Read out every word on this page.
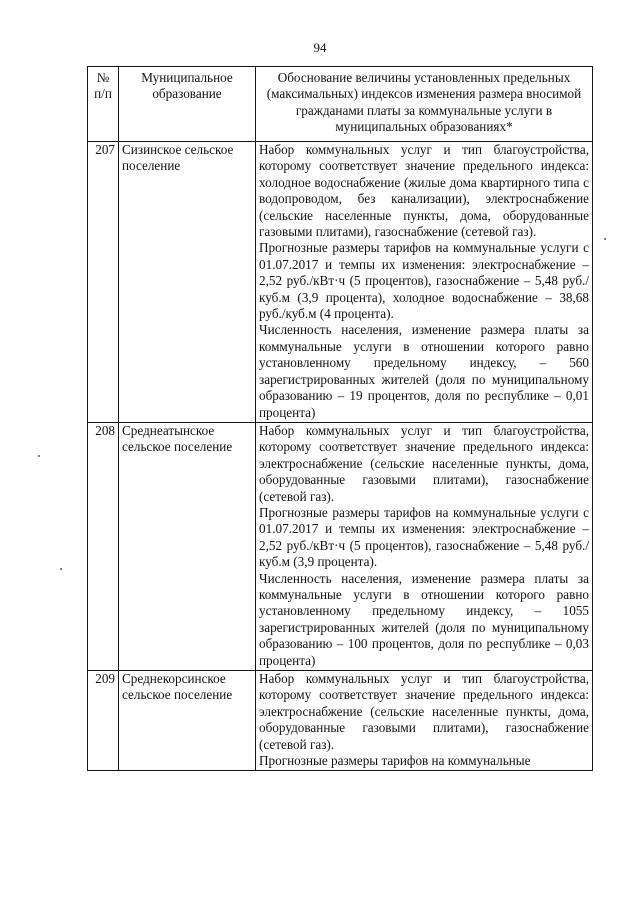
94
№ п/п	Муниципальное образование	Обоснование величины установленных предельных (максимальных) индексов изменения размера вносимой гражданами платы за коммунальные услуги в муниципальных образованиях*
207	Сизинское сельское поселение	Набор коммунальных услуг и тип благоустройства, которому соответствует значение предельного индекса: холодное водоснабжение (жилые дома квартирного типа с водопроводом, без канализации), электроснабжение (сельские населенные пункты, дома, оборудованные газовыми плитами), газоснабжение (сетевой газ).

Прогнозные размеры тарифов на коммунальные услуги с 01.07.2017 и темпы их изменения: электроснабжение – 2,52 руб./кВт·ч (5 процентов), газоснабжение – 5,48 руб./куб.м (3,9 процента), холодное водоснабжение – 38,68 руб./куб.м (4 процента).

Численность населения, изменение размера платы за коммунальные услуги в отношении которого равно установленному предельному индексу, – 560 зарегистрированных жителей (доля по муниципальному образованию – 19 процентов, доля по республике – 0,01 процента)

208	Среднеатынское сельское поселение	Набор коммунальных услуг и тип благоустройства, которому соответствует значение предельного индекса: электроснабжение (сельские населенные пункты, дома, оборудованные газовыми плитами), газоснабжение (сетевой газ).

Прогнозные размеры тарифов на коммунальные услуги с 01.07.2017 и темпы их изменения: электроснабжение – 2,52 руб./кВт·ч (5 процентов), газоснабжение – 5,48 руб./куб.м (3,9 процента).

Численность населения, изменение размера платы за коммунальные услуги в отношении которого равно установленному предельному индексу, – 1055 зарегистрированных жителей (доля по муниципальному образованию – 100 процентов, доля по республике – 0,03 процента)

209	Среднекорсинское сельское поселение	Набор коммунальных услуг и тип благоустройства, которому соответствует значение предельного индекса: электроснабжение (сельские населенные пункты, дома, оборудованные газовыми плитами), газоснабжение (сетевой газ).

Прогнозные размеры тарифов на коммунальные
